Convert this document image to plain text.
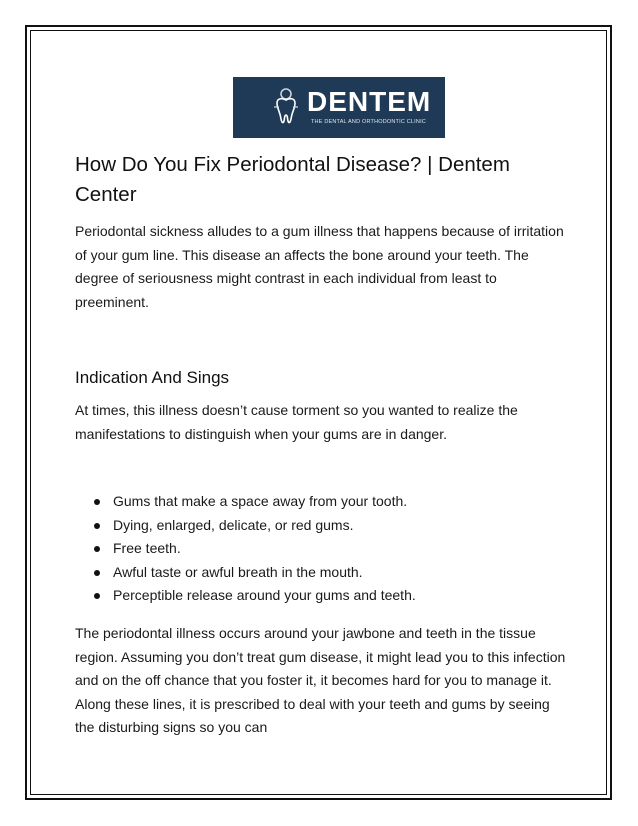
DENTEM
THE DENTAL AND ORTHODONTIC CLINIC
How Do You Fix Periodontal Disease? | Dentem Center

Periodontal sickness alludes to a gum illness that happens because of irritation of your gum line. This disease an affects the bone around your teeth. The degree of seriousness might contrast in each individual from least to preeminent.

Indication And Sings

At times, this illness doesn’t cause torment so you wanted to realize the manifestations to distinguish when your gums are in danger.

Gums that make a space away from your tooth.
Dying, enlarged, delicate, or red gums.
Free teeth.
Awful taste or awful breath in the mouth.
Perceptible release around your gums and teeth.

The periodontal illness occurs around your jawbone and teeth in the tissue region. Assuming you don’t treat gum disease, it might lead you to this infection and on the off chance that you foster it, it becomes hard for you to manage it. Along these lines, it is prescribed to deal with your teeth and gums by seeing the disturbing signs so you can
